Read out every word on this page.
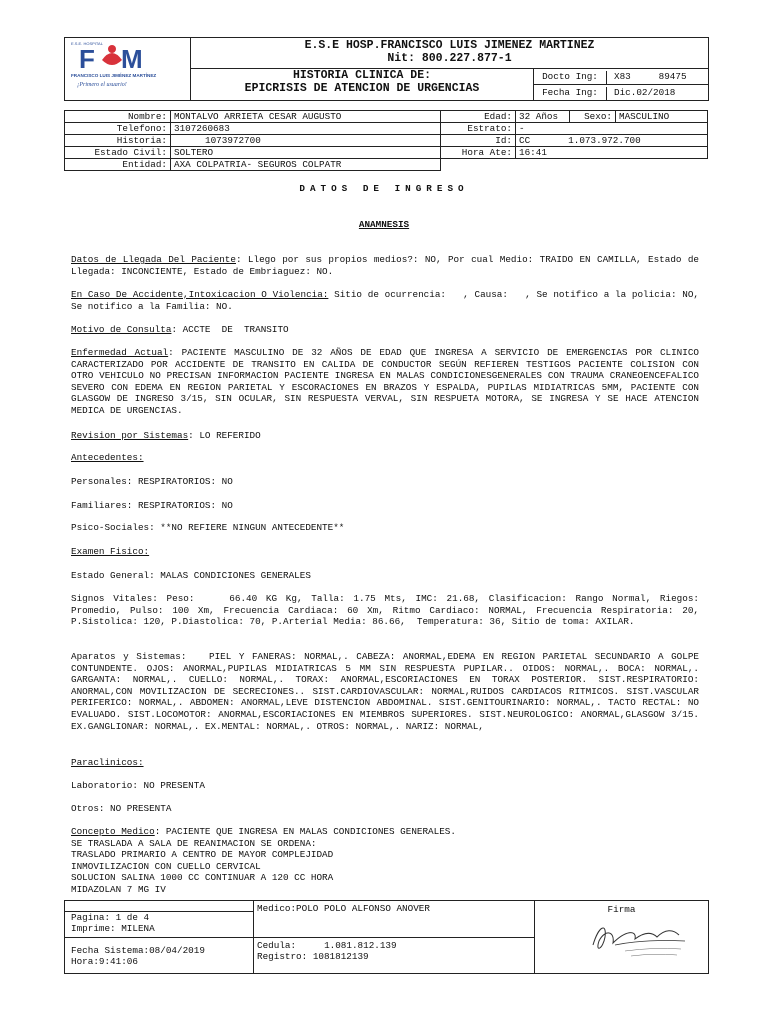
E.S.E. HOSPITAL
F M
FRANCISCO LUIS JIMÉNEZ MARTÍNEZ
¡Primero el usuario!
E.S.E HOSP.FRANCISCO LUIS JIMENEZ MARTINEZ
Nit: 800.227.877-1
HISTORIA CLINICA DE:
EPICRISIS DE ATENCION DE URGENCIAS
Docto Ing:	X83     89475
Fecha Ing:	Dic.02/2018
Nombre:	MONTALVO ARRIETA CESAR AUGUSTO	Edad:	32 Años	Sexo:	MASCULINO
Telefono:	3107260683	Estrato:	-		
Historia:	1073972700	Id:	CC 1.073.972.700		
Estado Civil:	SOLTERO	Hora Ate:	16:41		
Entidad:	AXA COLPATRIA- SEGUROS COLPATR				
DATOS DE INGRESO
ANAMNESIS
Datos de Llegada Del Paciente: Llego por sus propios medios?: NO, Por cual Medio: TRAIDO EN CAMILLA, Estado de Llegada: INCONCIENTE, Estado de Embriaguez: NO.
En Caso De Accidente,Intoxicacion O Violencia: Sitio de ocurrencia:   , Causa:   , Se notifico a la policia: NO, Se notifico a la Familia: NO.
Motivo de Consulta: ACCTE  DE  TRANSITO
Enfermedad Actual: PACIENTE MASCULINO DE 32 AÑOS DE EDAD QUE INGRESA A SERVICIO DE EMERGENCIAS POR CLINICO CARACTERIZADO POR ACCIDENTE DE TRANSITO EN CALIDA DE CONDUCTOR SEGÚN REFIEREN TESTIGOS PACIENTE COLISION CON OTRO VEHICULO NO PRECISAN INFORMACION PACIENTE INGRESA EN MALAS CONDICIONESGENERALES CON TRAUMA CRANEOENCEFALICO SEVERO CON EDEMA EN REGION PARIETAL Y ESCORACIONES EN BRAZOS Y ESPALDA, PUPILAS MIDIATRICAS 5MM, PACIENTE CON GLASGOW DE INGRESO 3/15, SIN OCULAR, SIN RESPUESTA VERVAL, SIN RESPUETA MOTORA, SE INGRESA Y SE HACE ATENCION MEDICA DE URGENCIAS.
Revision por Sistemas: LO REFERIDO
Antecedentes:
Personales: RESPIRATORIOS: NO
Familiares: RESPIRATORIOS: NO
Psico-Sociales: **NO REFIERE NINGUN ANTECEDENTE**
Examen Fisico:
Estado General: MALAS CONDICIONES GENERALES
Signos Vitales: Peso:    66.40 KG Kg, Talla: 1.75 Mts, IMC: 21.68, Clasificacion: Rango Normal, Riegos: Promedio, Pulso: 100 Xm, Frecuencia Cardiaca: 60 Xm, Ritmo Cardiaco: NORMAL, Frecuencia Respiratoria: 20, P.Sistolica: 120, P.Diastolica: 70, P.Arterial Media: 86.66,  Temperatura: 36, Sitio de toma: AXILAR.
Aparatos y Sistemas:   PIEL Y FANERAS: NORMAL,. CABEZA: ANORMAL,EDEMA EN REGION PARIETAL SECUNDARIO A GOLPE CONTUNDENTE. OJOS: ANORMAL,PUPILAS MIDIATRICAS 5 MM SIN RESPUESTA PUPILAR.. OIDOS: NORMAL,. BOCA: NORMAL,. GARGANTA: NORMAL,. CUELLO: NORMAL,. TORAX: ANORMAL,ESCORIACIONES EN TORAX POSTERIOR. SIST.RESPIRATORIO: ANORMAL,CON MOVILIZACION DE SECRECIONES.. SIST.CARDIOVASCULAR: NORMAL,RUIDOS CARDIACOS RITMICOS. SIST.VASCULAR PERIFERICO: NORMAL,. ABDOMEN: ANORMAL,LEVE DISTENCION ABDOMINAL. SIST.GENITOURINARIO: NORMAL,. TACTO RECTAL: NO EVALUADO. SIST.LOCOMOTOR: ANORMAL,ESCORIACIONES EN MIEMBROS SUPERIORES. SIST.NEUROLOGICO: ANORMAL,GLASGOW 3/15. EX.GANGLIONAR: NORMAL,. EX.MENTAL: NORMAL,. OTROS: NORMAL,. NARIZ: NORMAL,
Paraclinicos:
Laboratorio: NO PRESENTA
Otros: NO PRESENTA
Concepto Medico: PACIENTE QUE INGRESA EN MALAS CONDICIONES GENERALES.
SE TRASLADA A SALA DE REANIMACION SE ORDENA:
TRASLADO PRIMARIO A CENTRO DE MAYOR COMPLEJIDAD
INMOVILIZACION CON CUELLO CERVICAL
SOLUCION SALINA 1000 CC CONTINUAR A 120 CC HORA
MIDAZOLAN 7 MG IV
Pagina: 1 de 4
Imprime: MILENA
Fecha Sistema:08/04/2019
Hora:9:41:06
Medico:POLO POLO ALFONSO ANOVER
Cedula:	1.081.812.139
Registro: 1081812139
Firma
